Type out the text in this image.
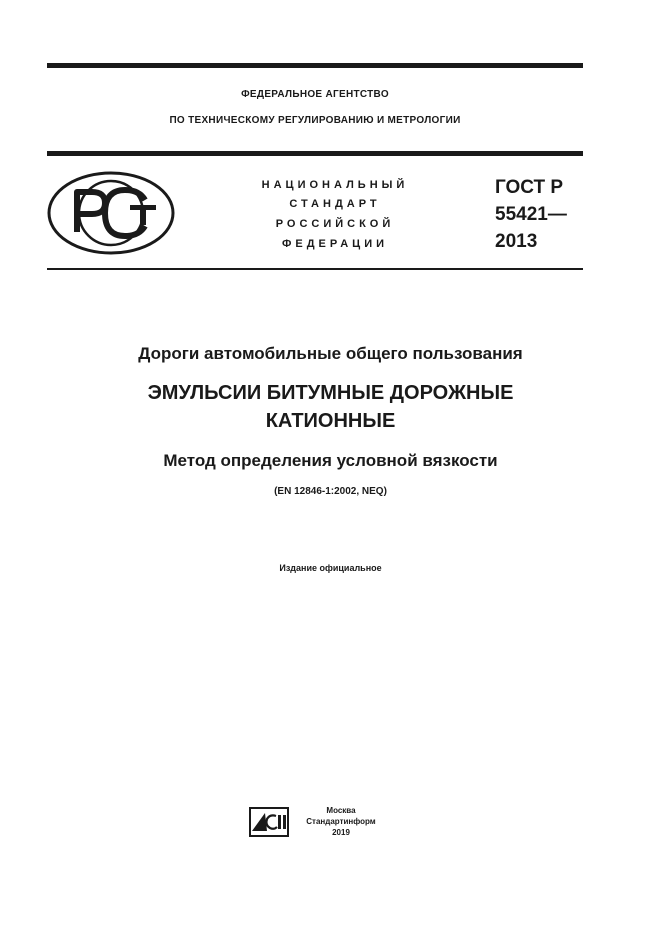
ФЕДЕРАЛЬНОЕ АГЕНТСТВО
ПО ТЕХНИЧЕСКОМУ РЕГУЛИРОВАНИЮ И МЕТРОЛОГИИ
НАЦИОНАЛЬНЫЙ
СТАНДАРТ
РОССИЙСКОЙ
ФЕДЕРАЦИИ
ГОСТ Р
55421—
2013
Дороги автомобильные общего пользования
ЭМУЛЬСИИ БИТУМНЫЕ ДОРОЖНЫЕ
КАТИОННЫЕ
Метод определения условной вязкости
(EN 12846-1:2002, NEQ)
Издание официальное
Москва
Стандартинформ
2019
